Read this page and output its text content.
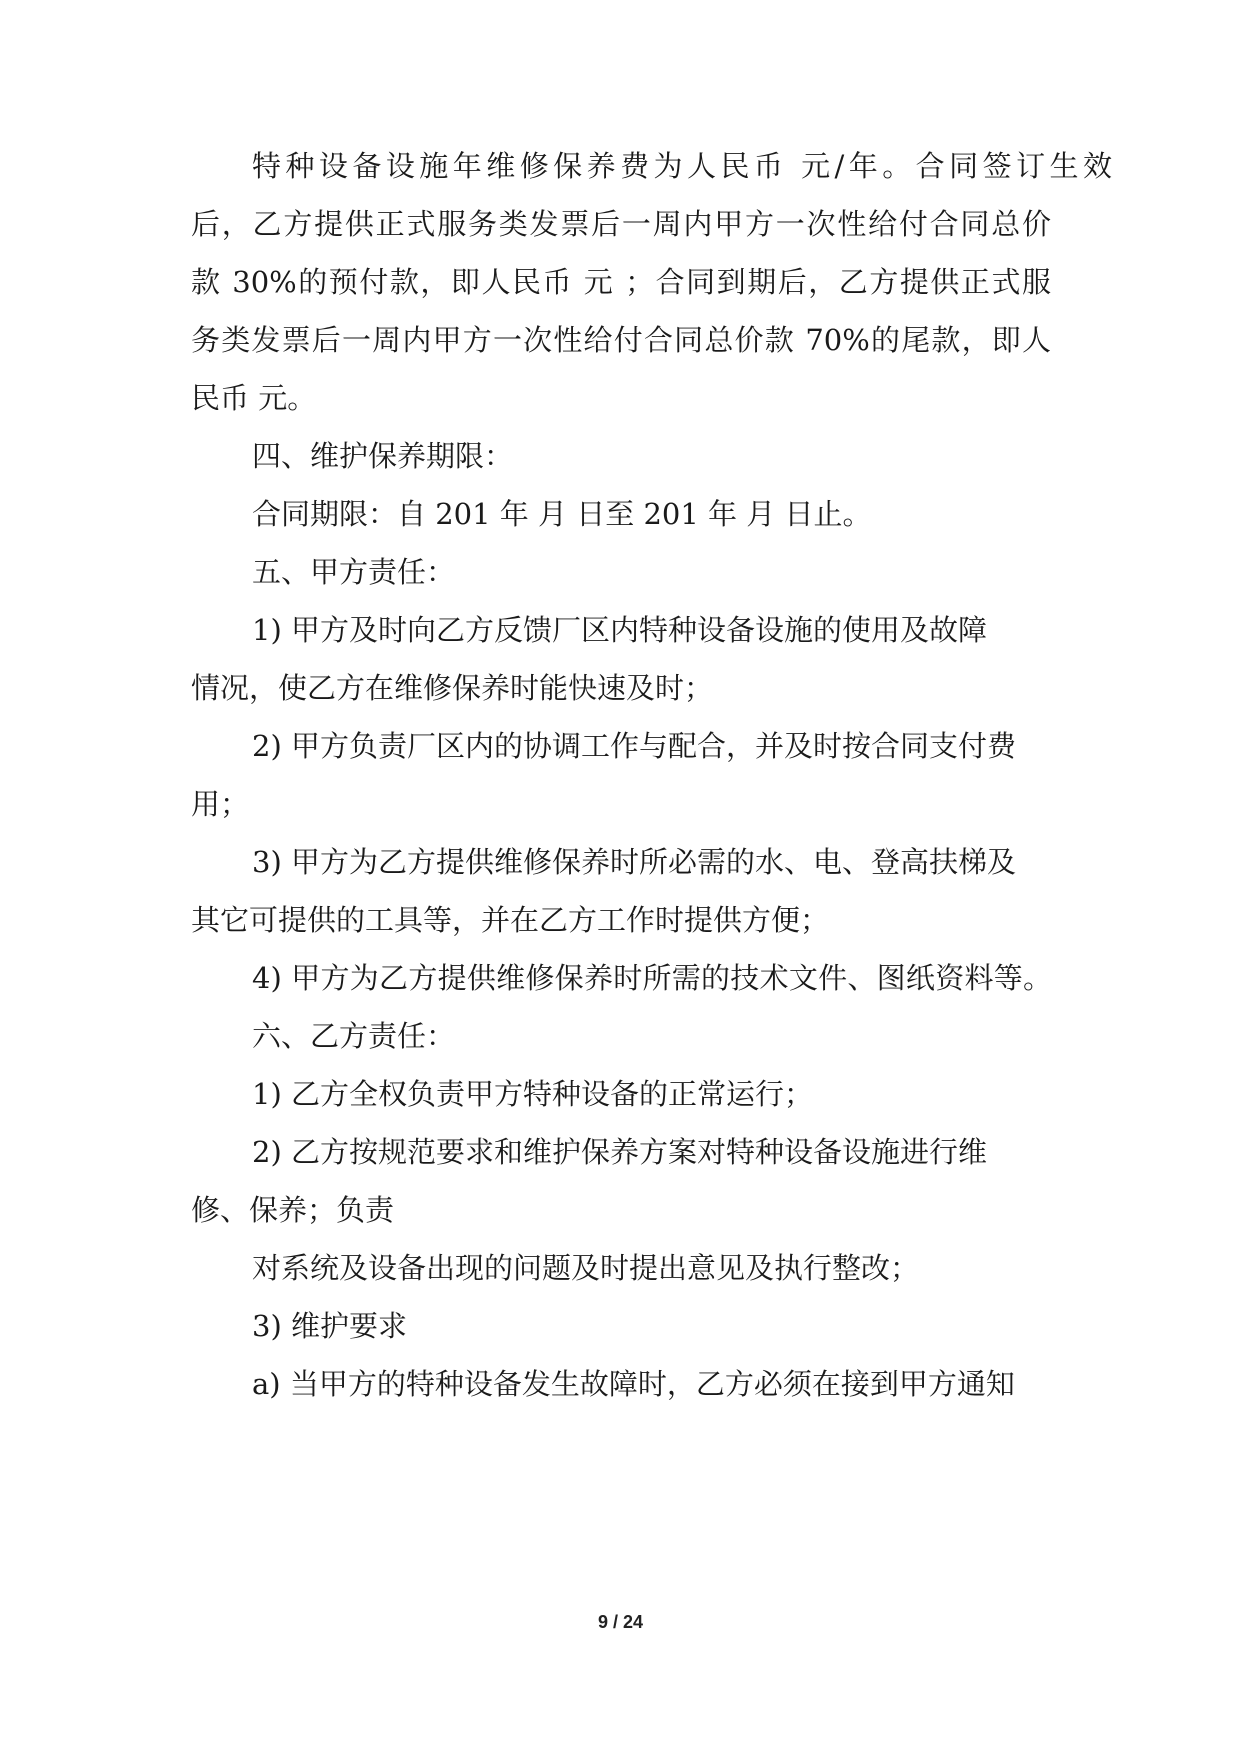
特种设备设施年维修保养费为人民币 元/年。合同签订生效

后，乙方提供正式服务类发票后一周内甲方一次性给付合同总价

款 30%的预付款，即人民币 元 ；合同到期后，乙方提供正式服

务类发票后一周内甲方一次性给付合同总价款 70%的尾款，即人

民币 元。

四、维护保养期限：

合同期限：自 201 年 月 日至 201 年 月 日止。

五、甲方责任：

1) 甲方及时向乙方反馈厂区内特种设备设施的使用及故障

情况，使乙方在维修保养时能快速及时；

2) 甲方负责厂区内的协调工作与配合，并及时按合同支付费

用；

3) 甲方为乙方提供维修保养时所必需的水、电、登高扶梯及

其它可提供的工具等，并在乙方工作时提供方便；

4) 甲方为乙方提供维修保养时所需的技术文件、图纸资料等。

六、乙方责任：

1) 乙方全权负责甲方特种设备的正常运行；

2) 乙方按规范要求和维护保养方案对特种设备设施进行维

修、保养；负责

对系统及设备出现的问题及时提出意见及执行整改；

3) 维护要求

a) 当甲方的特种设备发生故障时，乙方必须在接到甲方通知

9 / 24
